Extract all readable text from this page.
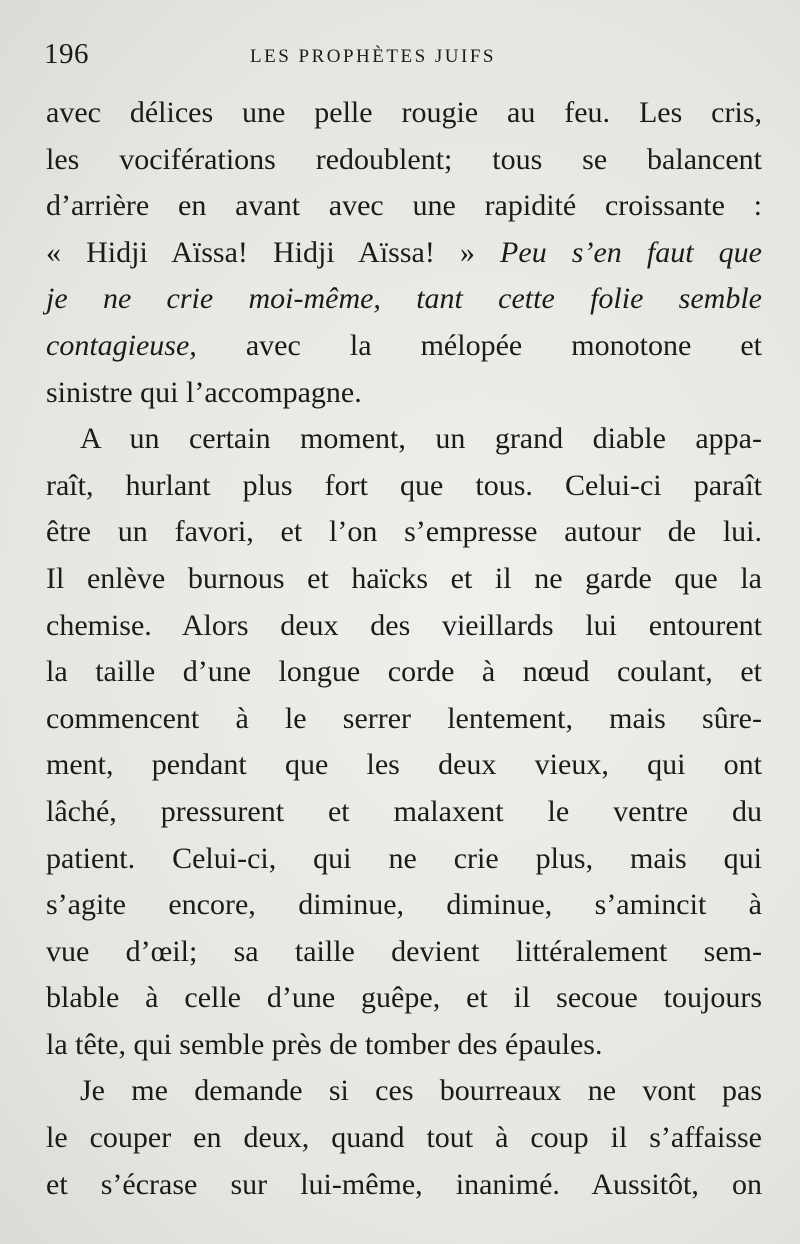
196	LES PROPHÈTES JUIFS
avec délices une pelle rougie au feu. Les cris,
les vociférations redoublent; tous se balancent
d’arrière en avant avec une rapidité croissante :
« Hidji Aïssa! Hidji Aïssa! » Peu s’en faut que
je ne crie moi-même, tant cette folie semble
contagieuse, avec la mélopée monotone et
sinistre qui l’accompagne.
A un certain moment, un grand diable appa-
raît, hurlant plus fort que tous. Celui-ci paraît
être un favori, et l’on s’empresse autour de lui.
Il enlève burnous et haïcks et il ne garde que la
chemise. Alors deux des vieillards lui entourent
la taille d’une longue corde à nœud coulant, et
commencent à le serrer lentement, mais sûre-
ment, pendant que les deux vieux, qui ont
lâché, pressurent et malaxent le ventre du
patient. Celui-ci, qui ne crie plus, mais qui
s’agite encore, diminue, diminue, s’amincit à
vue d’œil; sa taille devient littéralement sem-
blable à celle d’une guêpe, et il secoue toujours
la tête, qui semble près de tomber des épaules.
Je me demande si ces bourreaux ne vont pas
le couper en deux, quand tout à coup il s’affaisse
et s’écrase sur lui-même, inanimé. Aussitôt, on
